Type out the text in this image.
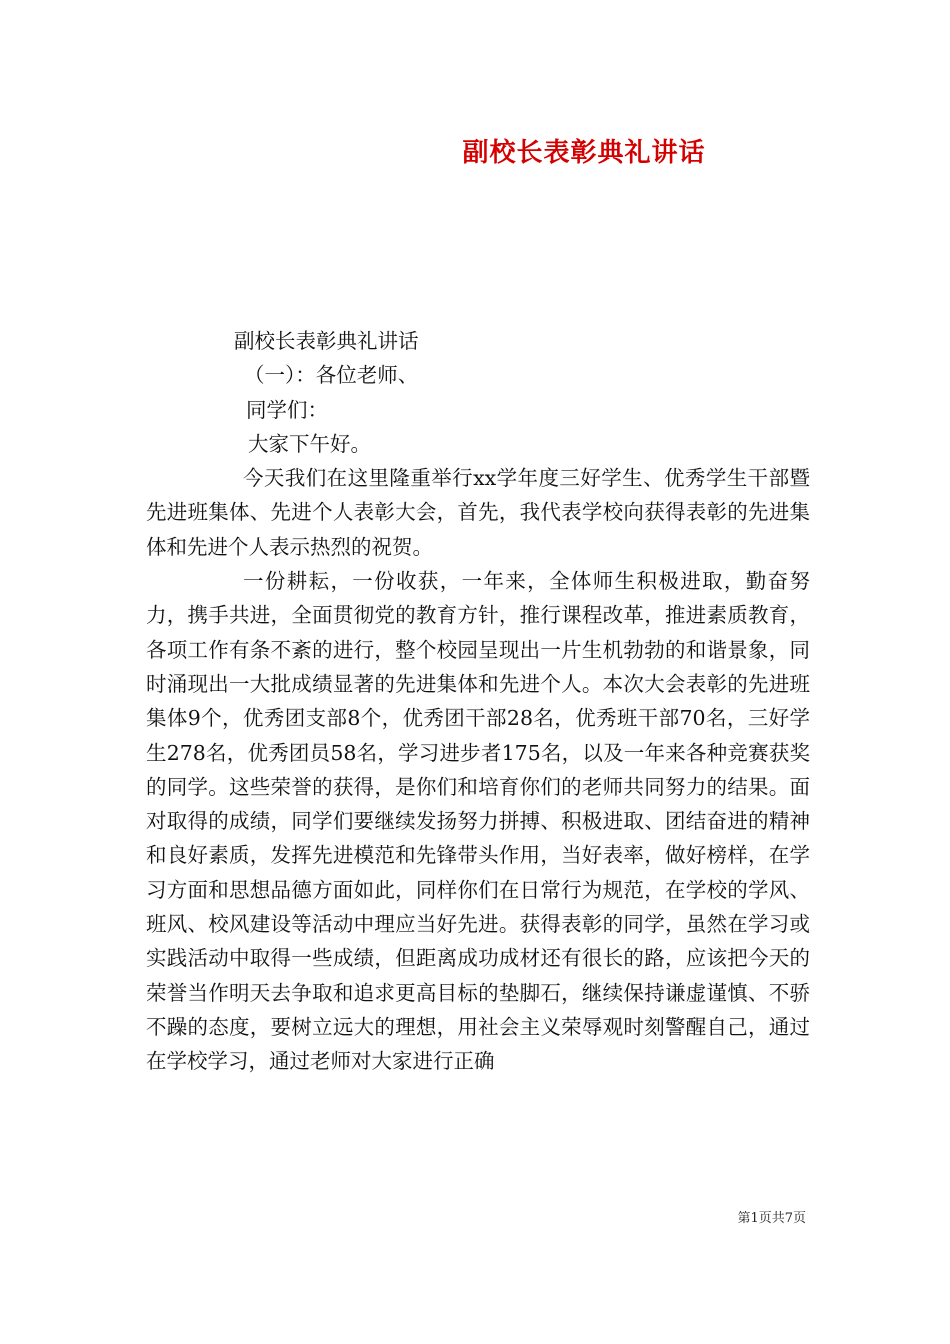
副校长表彰典礼讲话
副校长表彰典礼讲话
（一）：各位老师、
同学们：
大家下午好。
今天我们在这里隆重举行xx学年度三好学生、优秀学生干部暨先进班集体、先进个人表彰大会，首先，我代表学校向获得表彰的先进集体和先进个人表示热烈的祝贺。
一份耕耘，一份收获，一年来，全体师生积极进取，勤奋努力，携手共进，全面贯彻党的教育方针，推行课程改革，推进素质教育，各项工作有条不紊的进行，整个校园呈现出一片生机勃勃的和谐景象，同时涌现出一大批成绩显著的先进集体和先进个人。本次大会表彰的先进班集体9个，优秀团支部8个，优秀团干部28名，优秀班干部70名，三好学生278名，优秀团员58名，学习进步者175名，以及一年来各种竞赛获奖的同学。这些荣誉的获得，是你们和培育你们的老师共同努力的结果。面对取得的成绩，同学们要继续发扬努力拼搏、积极进取、团结奋进的精神和良好素质，发挥先进模范和先锋带头作用，当好表率，做好榜样，在学习方面和思想品德方面如此，同样你们在日常行为规范，在学校的学风、班风、校风建设等活动中理应当好先进。获得表彰的同学，虽然在学习或实践活动中取得一些成绩，但距离成功成材还有很长的路，应该把今天的荣誉当作明天去争取和追求更高目标的垫脚石，继续保持谦虚谨慎、不骄不躁的态度，要树立远大的理想，用社会主义荣辱观时刻警醒自己，通过在学校学习，通过老师对大家进行正确
第1页共7页
